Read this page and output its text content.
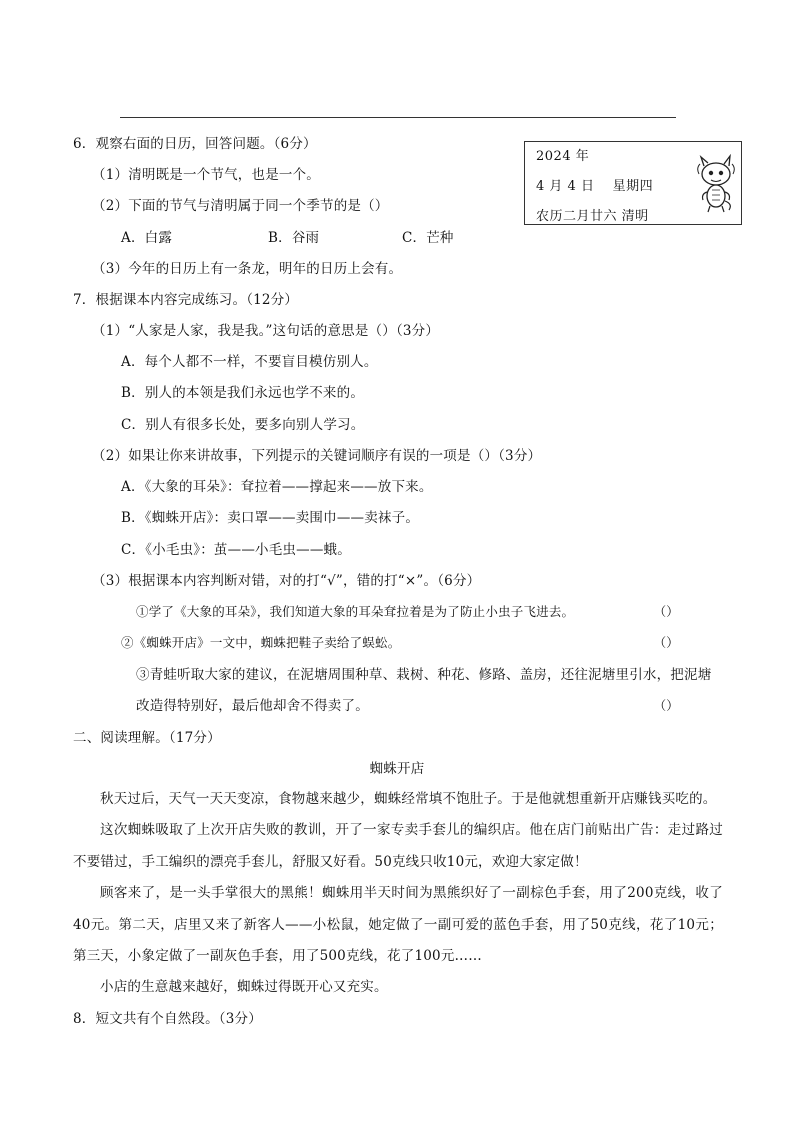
6．观察右面的日历，回答问题。（6分）
（1）清明既是一个节气，也是一个。
（2）下面的节气与清明属于同一个季节的是（）
A．白露	B．谷雨	C．芒种
（3）今年的日历上有一条龙，明年的日历上会有。
2024 年
4 月 4 日　 星期四
农历二月廿六 清明
7．根据课本内容完成练习。（12分）
（1）“人家是人家，我是我。”这句话的意思是（）（3分）
A．每个人都不一样，不要盲目模仿别人。
B．别人的本领是我们永远也学不来的。
C．别人有很多长处，要多向别人学习。
（2）如果让你来讲故事，下列提示的关键词顺序有误的一项是（）（3分）
A．《大象的耳朵》：耷拉着——撑起来——放下来。
B．《蜘蛛开店》：卖口罩——卖围巾——卖袜子。
C．《小毛虫》：茧——小毛虫——蛾。
（3）根据课本内容判断对错，对的打“√”，错的打“×”。（6分）
①学了《大象的耳朵》，我们知道大象的耳朵耷拉着是为了防止小虫子飞进去。	（）
②《蜘蛛开店》一文中，蜘蛛把鞋子卖给了蜈蚣。	（）
③青蛙听取大家的建议，在泥塘周围种草、栽树、种花、修路、盖房，还往泥塘里引水，把泥塘
改造得特别好，最后他却舍不得卖了。	（）
二、阅读理解。（17分）
蜘蛛开店
秋天过后，天气一天天变凉，食物越来越少，蜘蛛经常填不饱肚子。于是他就想重新开店赚钱买吃的。
这次蜘蛛吸取了上次开店失败的教训，开了一家专卖手套儿的编织店。他在店门前贴出广告：走过路过不要错过，手工编织的漂亮手套儿，舒服又好看。50克线只收10元，欢迎大家定做！
顾客来了，是一头手掌很大的黑熊！蜘蛛用半天时间为黑熊织好了一副棕色手套，用了200克线，收了40元。第二天，店里又来了新客人——小松鼠，她定做了一副可爱的蓝色手套，用了50克线，花了10元；第三天，小象定做了一副灰色手套，用了500克线，花了100元……
小店的生意越来越好，蜘蛛过得既开心又充实。
8．短文共有个自然段。（3分）
